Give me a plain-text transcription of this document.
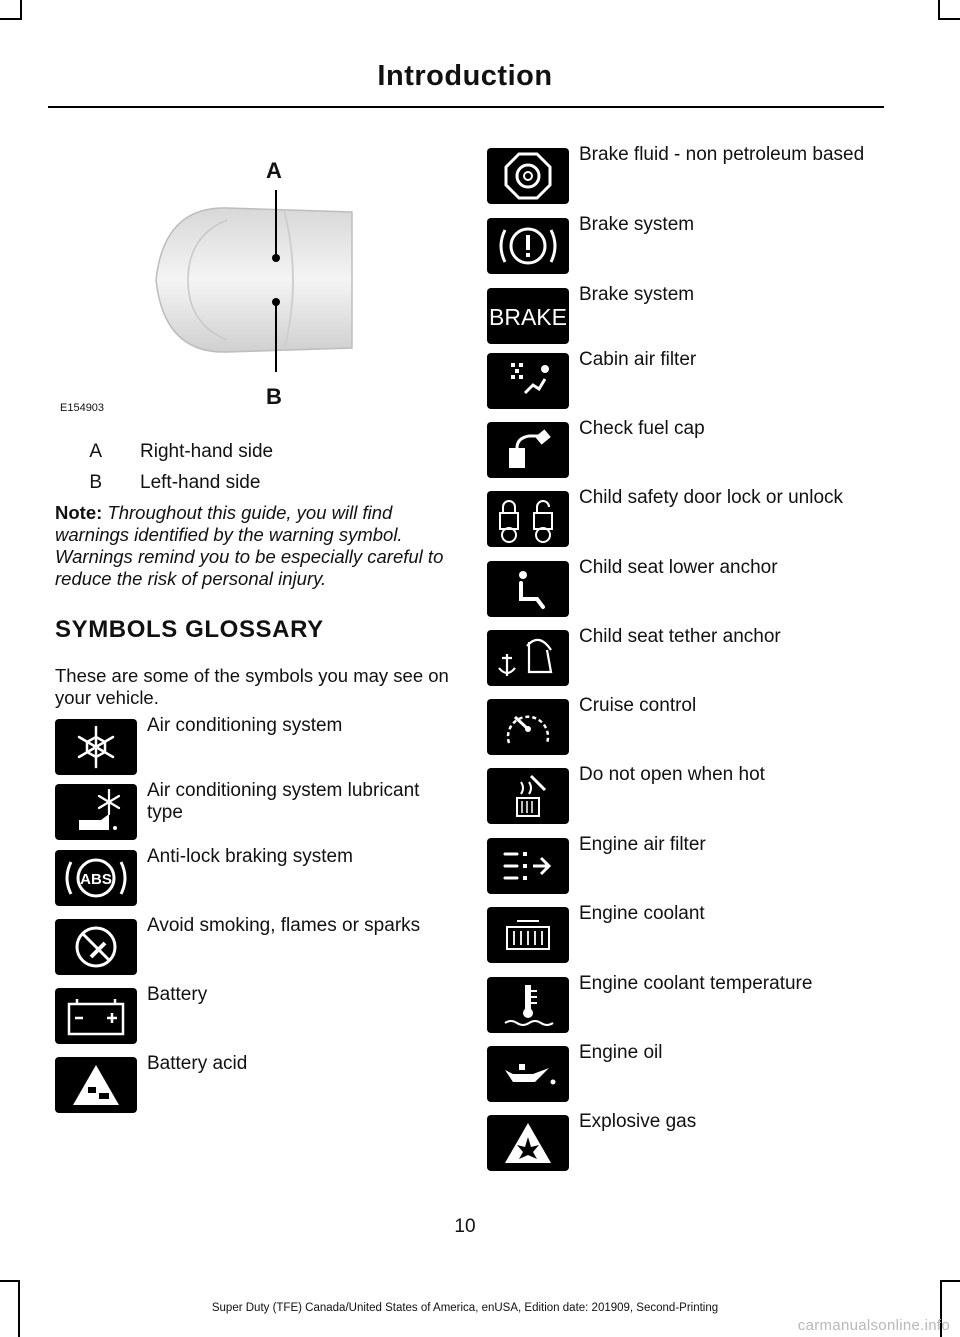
Introduction
A
B
E154903
A Right-hand side
B Left-hand side
Note: Throughout this guide, you will find warnings identified by the warning symbol. Warnings remind you to be especially careful to reduce the risk of personal injury.
SYMBOLS GLOSSARY
These are some of the symbols you may see on your vehicle.
Air conditioning system
Air conditioning system lubricant type
ABS
Anti-lock braking system
Avoid smoking, flames or sparks
Battery
Battery acid
Brake fluid - non petroleum based
Brake system
BRAKE
Brake system
Cabin air filter
Check fuel cap
Child safety door lock or unlock
Child seat lower anchor
Child seat tether anchor
Cruise control
Do not open when hot
Engine air filter
Engine coolant
Engine coolant temperature
Engine oil
Explosive gas
10
Super Duty (TFE) Canada/United States of America, enUSA, Edition date: 201909, Second-Printing
carmanualsonline.info
